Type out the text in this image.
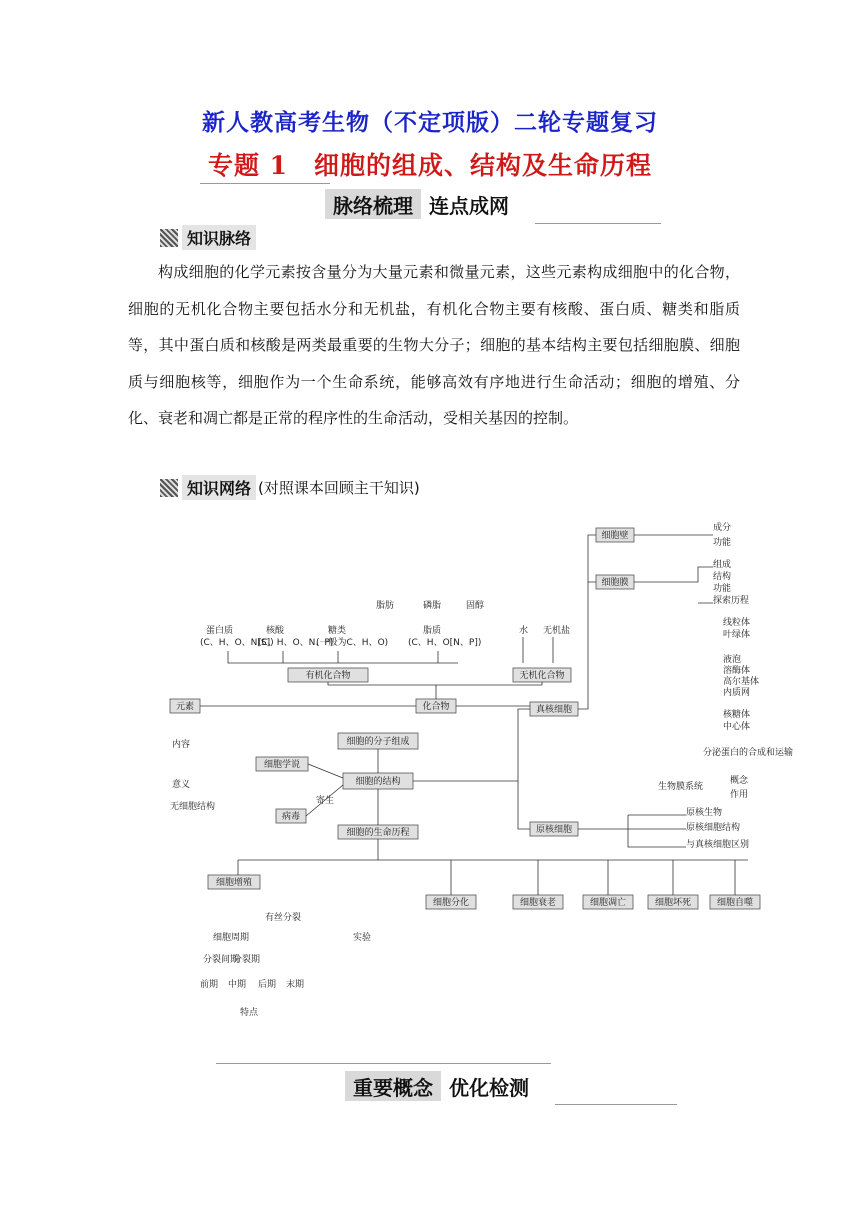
新人教高考生物（不定项版）二轮专题复习
专题 1　细胞的组成、结构及生命历程
脉络梳理 连点成网
知识脉络
构成细胞的化学元素按含量分为大量元素和微量元素，这些元素构成细胞中的化合物，细胞的无机化合物主要包括水分和无机盐，有机化合物主要有核酸、蛋白质、糖类和脂质等，其中蛋白质和核酸是两类最重要的生物大分子；细胞的基本结构主要包括细胞膜、细胞质与细胞核等，细胞作为一个生命系统，能够高效有序地进行生命活动；细胞的增殖、分化、衰老和凋亡都是正常的程序性的生命活动，受相关基因的控制。
知识网络 (对照课本回顾主干知识)
元素	化合物
有机化合物	无机化合物
细胞的分子组成
细胞的结构
细胞的生命历程
细胞学说
病毒
寄生
真核细胞
原核细胞
细胞壁
细胞膜
水 无机盐
蛋白质
(C、H、O、N[S])
核酸
(C、H、O、N、P)
糖类
(一般为C、H、O)
脂质
(C、H、O[N、P])
脂肪	磷脂	固醇
细胞增殖
细胞分化	细胞衰老	细胞凋亡	细胞坏死	细胞自噬
有丝分裂
细胞周期
分裂间期
分裂期
前期 中期 后期 末期
特点
实验
内容
意义
无细胞结构
成分
功能
组成
结构
功能
探索历程
线粒体
叶绿体
液泡
溶酶体
高尔基体
内质网
核糖体
中心体
分泌蛋白的合成和运输
生物膜系统
概念
作用
原核生物
原核细胞结构
与真核细胞区别
重要概念 优化检测
